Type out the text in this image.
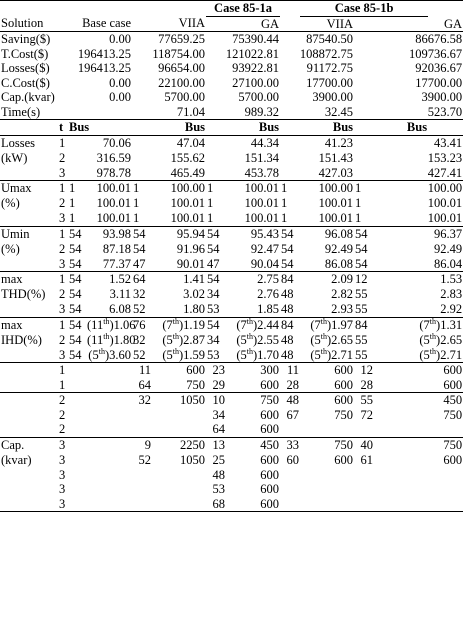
						Case 85-1a			Case 85-1b			
Solution		Base case		VIIA		GA		VIIA		GA		
Saving($)		0.00		77659.25		75390.44		87540.50		86676.58		
T.Cost($)		196413.25		118754.00		121022.81		108872.75		109736.67		
Losses($)		196413.25		96654.00		93922.81		91172.75		92036.67		
C.Cost($)		0.00		22100.00		27100.00		17700.00		17700.00		
Cap.(kvar)		0.00		5700.00		5700.00		3900.00		3900.00		
Time(s)				71.04		989.32		32.45		523.70		
	t	Bus		Bus		Bus		Bus		Bus		
Losses	1	70.06		47.04		44.34		41.23		43.41		
(kW)	2	316.59		155.62		151.34		151.43		153.23		
	3	978.78		465.49		453.78		427.03		427.41		
Umax	1	1	100.01	1	100.00	1	100.01	1	100.00	1	100.00	
(%)	2	1	100.01	1	100.01	1	100.01	1	100.01	1	100.01	
	3	1	100.01	1	100.01	1	100.01	1	100.01	1	100.01	
Umin	1	54	93.98	54	95.94	54	95.43	54	96.08	54	96.37	
(%)	2	54	87.18	54	91.96	54	92.47	54	92.49	54	92.49	
	3	54	77.37	47	90.01	47	90.04	54	86.08	54	86.04	
max	1	54	1.52	64	1.41	54	2.75	84	2.09	12	1.53	
THD(%)	2	54	3.11	32	3.02	34	2.76	48	2.82	55	2.83	
	3	54	6.08	52	1.80	53	1.85	48	2.93	55	2.92	
max	1	54	(11th)1.06	76	(7th)1.19	54	(7th)2.44	84	(7th)1.97	84	(7th)1.31	
IHD(%)	2	54	(11th)1.80	32	(5th)2.87	34	(5th)2.55	48	(5th)2.65	55	(5th)2.65	
	3	54	(5th)3.60	52	(5th)1.59	53	(5th)1.70	48	(5th)2.71	55	(5th)2.71	
	1			11	600	23	300	11	600	12	600	
	1			64	750	29	600	28	600	28	600	
	2			32	1050	10	750	48	600	55	450	
	2					34	600	67	750	72	750	
	2					64	600					
Cap.	3			9	2250	13	450	33	750	40	750	
(kvar)	3			52	1050	25	600	60	600	61	600	
	3					48	600					
	3					53	600					
	3					68	600					
